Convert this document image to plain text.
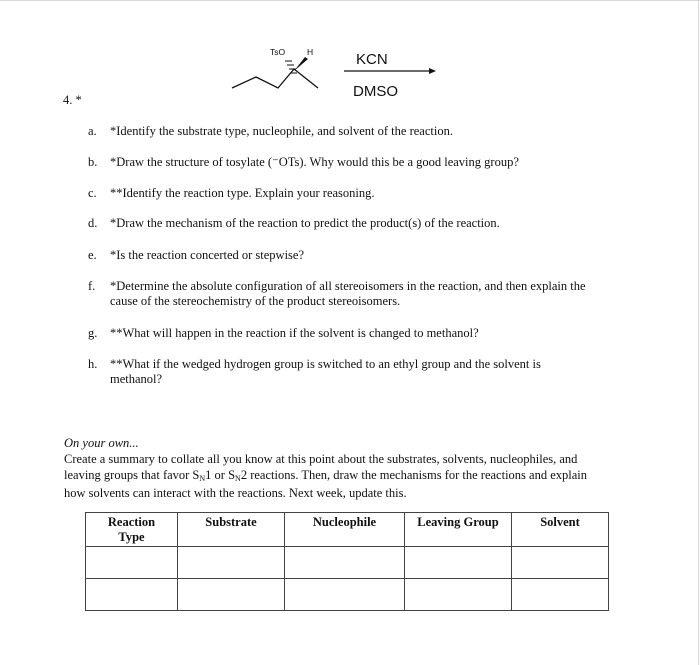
TsO	H	KCN
DMSO
4. *
a. *Identify the substrate type, nucleophile, and solvent of the reaction.
b. *Draw the structure of tosylate (⁻OTs). Why would this be a good leaving group?
c. **Identify the reaction type. Explain your reasoning.
d. *Draw the mechanism of the reaction to predict the product(s) of the reaction.
e. *Is the reaction concerted or stepwise?
f. *Determine the absolute configuration of all stereoisomers in the reaction, and then explain the
cause of the stereochemistry of the product stereoisomers.
g. **What will happen in the reaction if the solvent is changed to methanol?
h. **What if the wedged hydrogen group is switched to an ethyl group and the solvent is
methanol?
On your own...
Create a summary to collate all you know at this point about the substrates, solvents, nucleophiles, and
leaving groups that favor $S_N1$ or $S_N2$ reactions. Then, draw the mechanisms for the reactions and explain
how solvents can interact with the reactions. Next week, update this.
Reaction
Type	Substrate	Nucleophile	Leaving Group	Solvent
